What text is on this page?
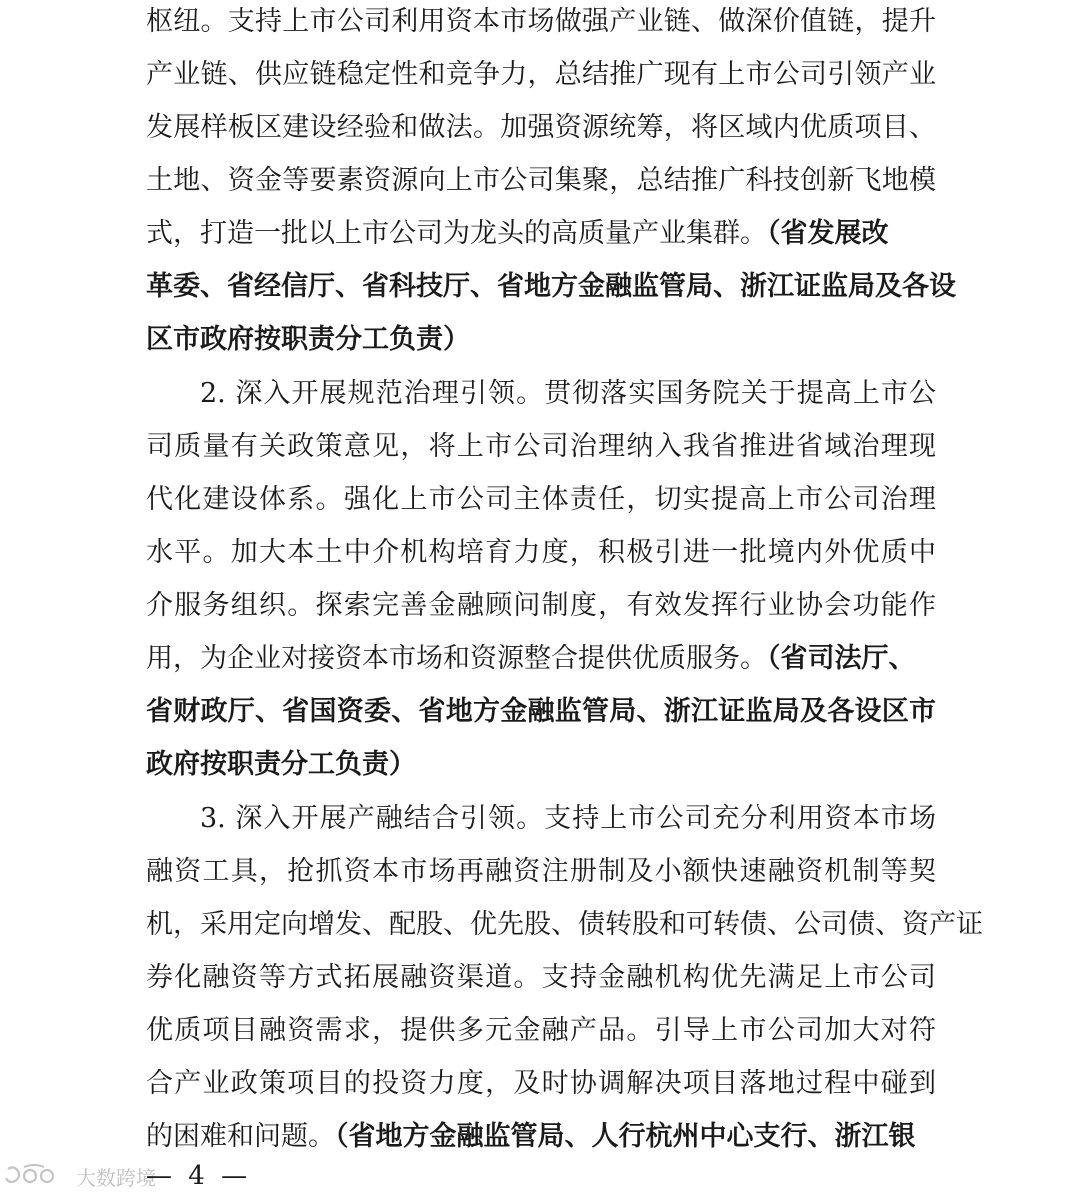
枢纽。支持上市公司利用资本市场做强产业链、做深价值链，提升
产业链、供应链稳定性和竞争力，总结推广现有上市公司引领产业
发展样板区建设经验和做法。加强资源统筹，将区域内优质项目、
土地、资金等要素资源向上市公司集聚，总结推广科技创新飞地模
式，打造一批以上市公司为龙头的高质量产业集群。（省发展改
革委、省经信厅、省科技厅、省地方金融监管局、浙江证监局及各设
区市政府按职责分工负责）
2. 深入开展规范治理引领。贯彻落实国务院关于提高上市公
司质量有关政策意见，将上市公司治理纳入我省推进省域治理现
代化建设体系。强化上市公司主体责任，切实提高上市公司治理
水平。加大本土中介机构培育力度，积极引进一批境内外优质中
介服务组织。探索完善金融顾问制度，有效发挥行业协会功能作
用，为企业对接资本市场和资源整合提供优质服务。（省司法厅、
省财政厅、省国资委、省地方金融监管局、浙江证监局及各设区市
政府按职责分工负责）
3. 深入开展产融结合引领。支持上市公司充分利用资本市场
融资工具，抢抓资本市场再融资注册制及小额快速融资机制等契
机，采用定向增发、配股、优先股、债转股和可转债、公司债、资产证
券化融资等方式拓展融资渠道。支持金融机构优先满足上市公司
优质项目融资需求，提供多元金融产品。引导上市公司加大对符
合产业政策项目的投资力度，及时协调解决项目落地过程中碰到
的困难和问题。（省地方金融监管局、人行杭州中心支行、浙江银
大数跨境
— 4 —
